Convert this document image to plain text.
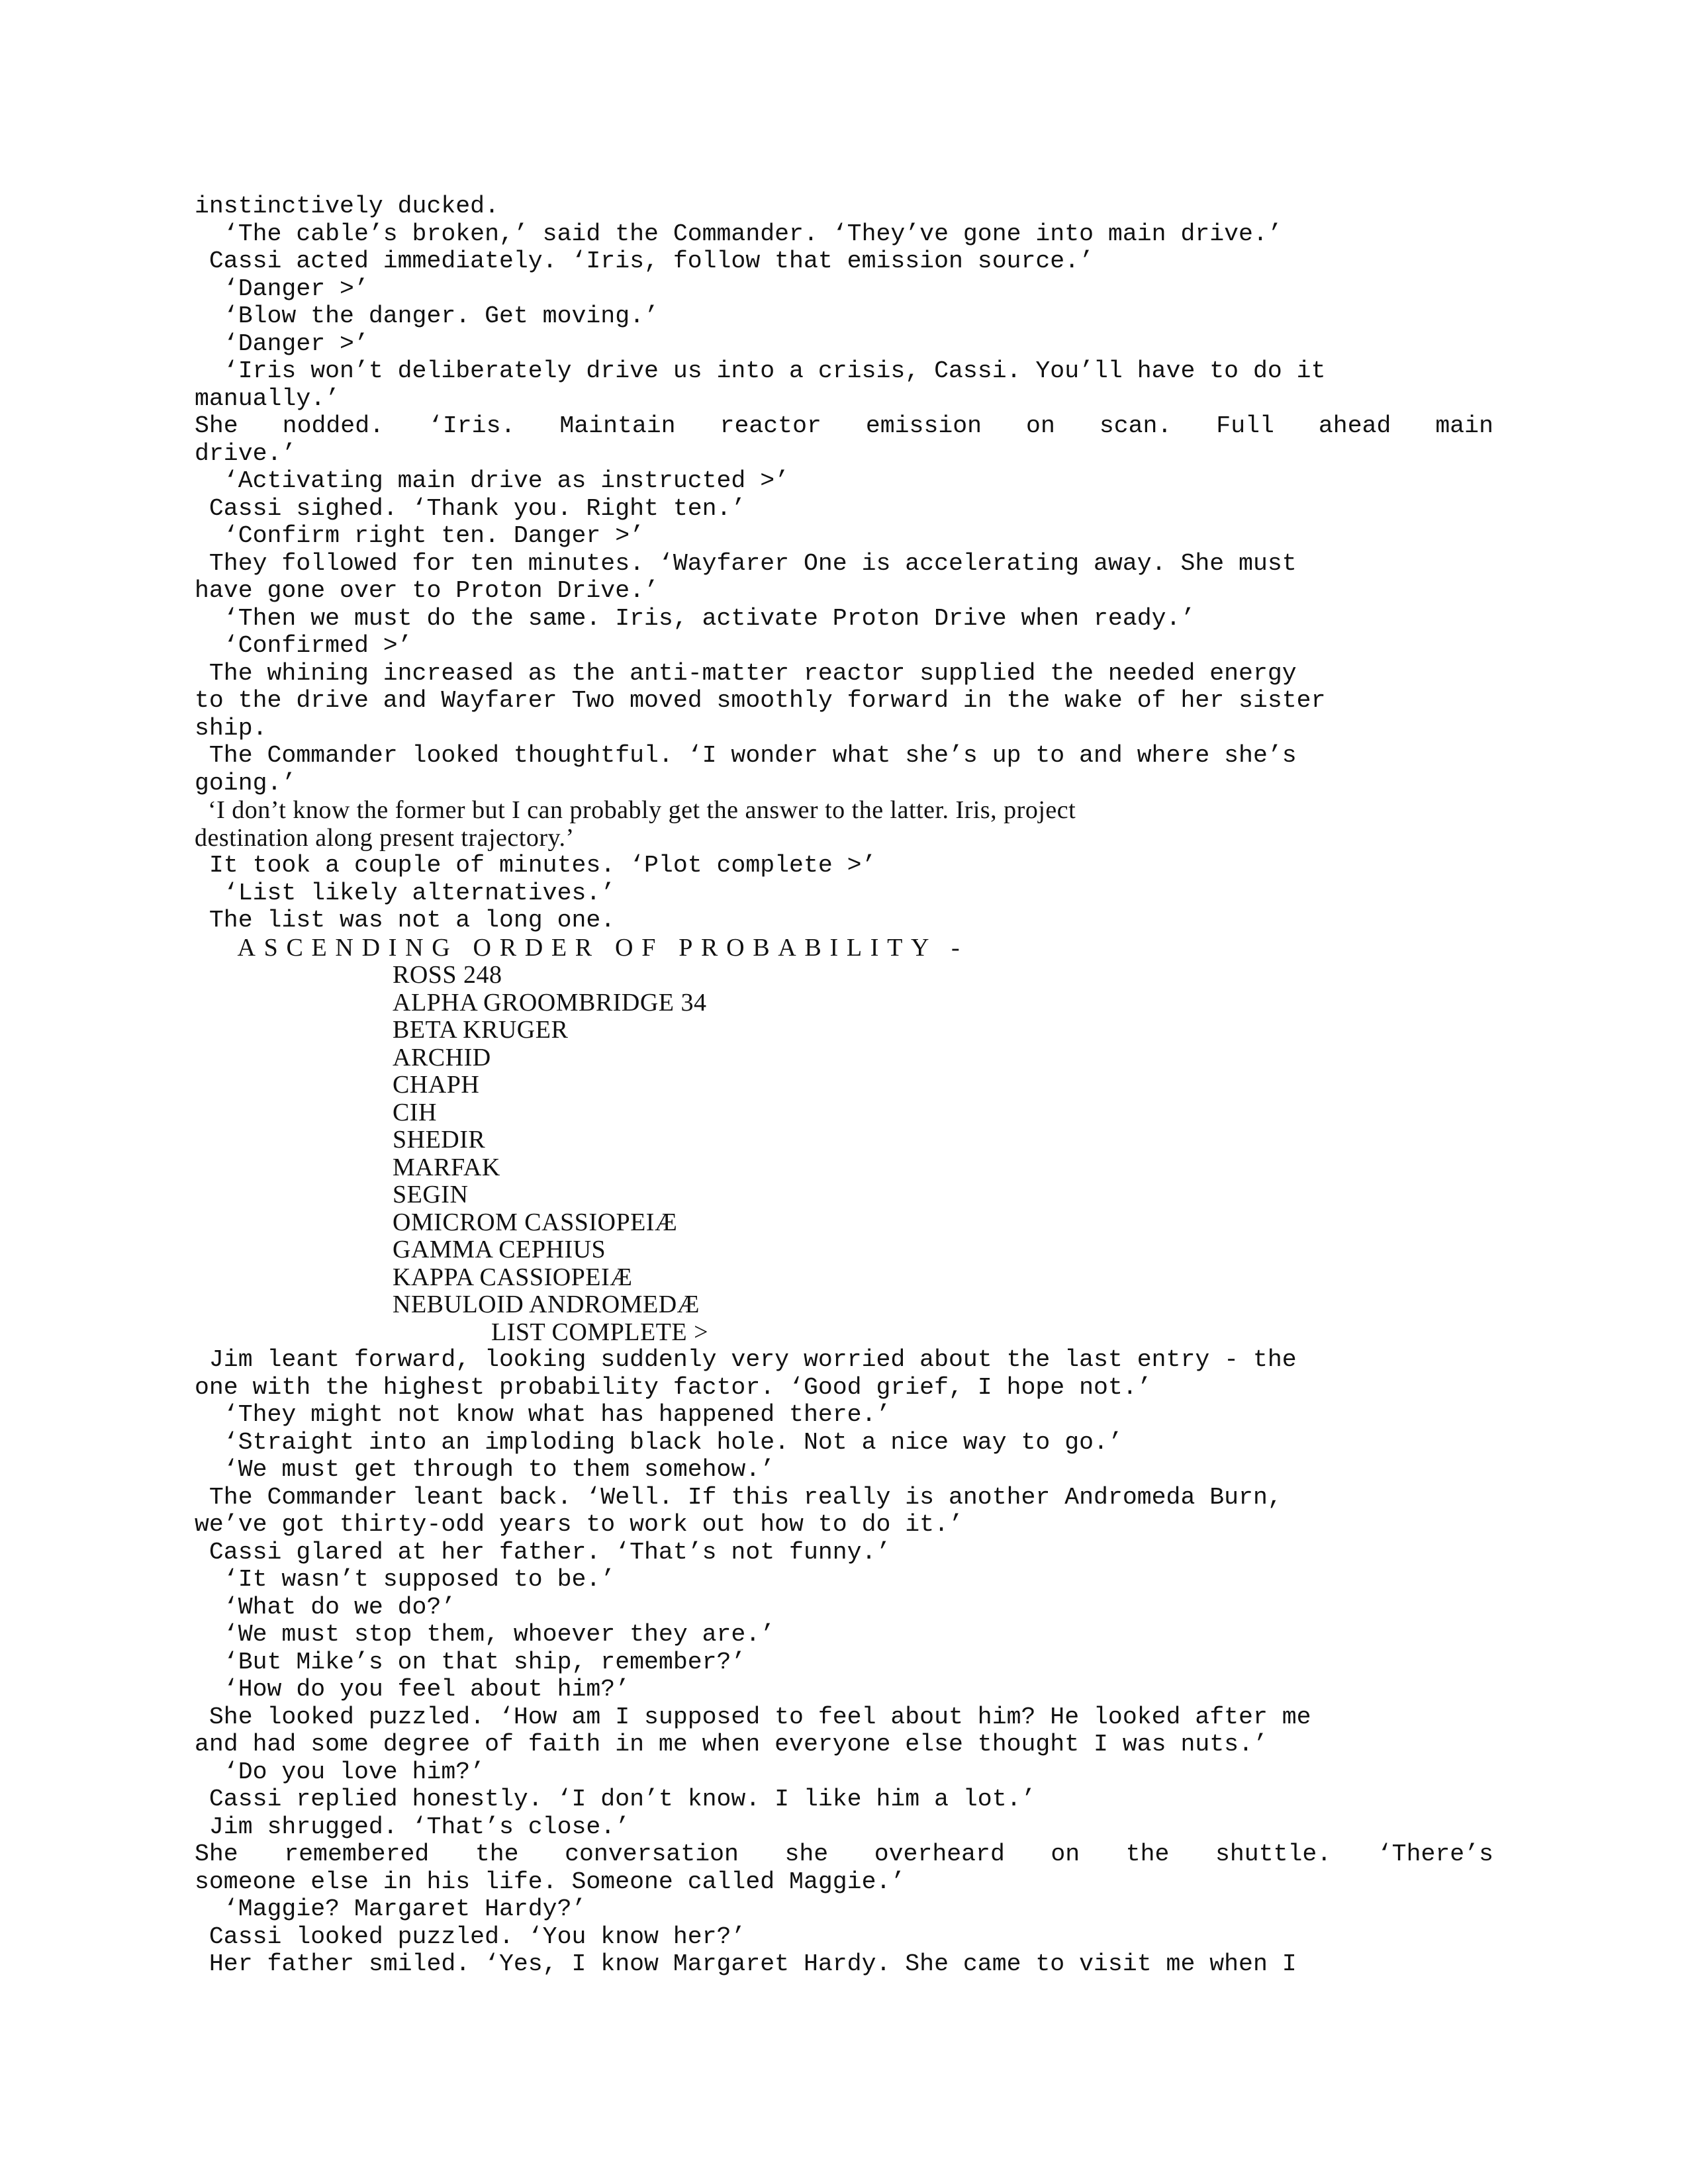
instinctively ducked.
‘The cable’s broken,’ said the Commander. ‘They’ve gone into main drive.’
Cassi acted immediately. ‘Iris, follow that emission source.’
‘Danger >’
‘Blow the danger. Get moving.’
‘Danger >’
‘Iris won’t deliberately drive us into a crisis, Cassi. You’ll have to do it
manually.’
She nodded. ‘Iris. Maintain reactor emission on scan. Full ahead main
drive.’
‘Activating main drive as instructed >’
Cassi sighed. ‘Thank you. Right ten.’
‘Confirm right ten. Danger >’
They followed for ten minutes. ‘Wayfarer One is accelerating away. She must
have gone over to Proton Drive.’
‘Then we must do the same. Iris, activate Proton Drive when ready.’
‘Confirmed >’
The whining increased as the anti-matter reactor supplied the needed energy
to the drive and Wayfarer Two moved smoothly forward in the wake of her sister
ship.
The Commander looked thoughtful. ‘I wonder what she’s up to and where she’s
going.’
‘I don’t know the former but I can probably get the answer to the latter. Iris, project
destination along present trajectory.’
It took a couple of minutes. ‘Plot complete >’
‘List likely alternatives.’
The list was not a long one.
ASCENDING ORDER OF PROBABILITY -
ROSS 248
ALPHA GROOMBRIDGE 34
BETA KRUGER
ARCHID
CHAPH
CIH
SHEDIR
MARFAK
SEGIN
OMICROM CASSIOPEIÆ
GAMMA CEPHIUS
KAPPA CASSIOPEIÆ
NEBULOID ANDROMEDÆ
LIST COMPLETE >
Jim leant forward, looking suddenly very worried about the last entry - the
one with the highest probability factor. ‘Good grief, I hope not.’
‘They might not know what has happened there.’
‘Straight into an imploding black hole. Not a nice way to go.’
‘We must get through to them somehow.’
The Commander leant back. ‘Well. If this really is another Andromeda Burn,
we’ve got thirty-odd years to work out how to do it.’
Cassi glared at her father. ‘That’s not funny.’
‘It wasn’t supposed to be.’
‘What do we do?’
‘We must stop them, whoever they are.’
‘But Mike’s on that ship, remember?’
‘How do you feel about him?’
She looked puzzled. ‘How am I supposed to feel about him? He looked after me
and had some degree of faith in me when everyone else thought I was nuts.’
‘Do you love him?’
Cassi replied honestly. ‘I don’t know. I like him a lot.’
Jim shrugged. ‘That’s close.’
She remembered the conversation she overheard on the shuttle. ‘There’s
someone else in his life. Someone called Maggie.’
‘Maggie? Margaret Hardy?’
Cassi looked puzzled. ‘You know her?’
Her father smiled. ‘Yes, I know Margaret Hardy. She came to visit me when I
